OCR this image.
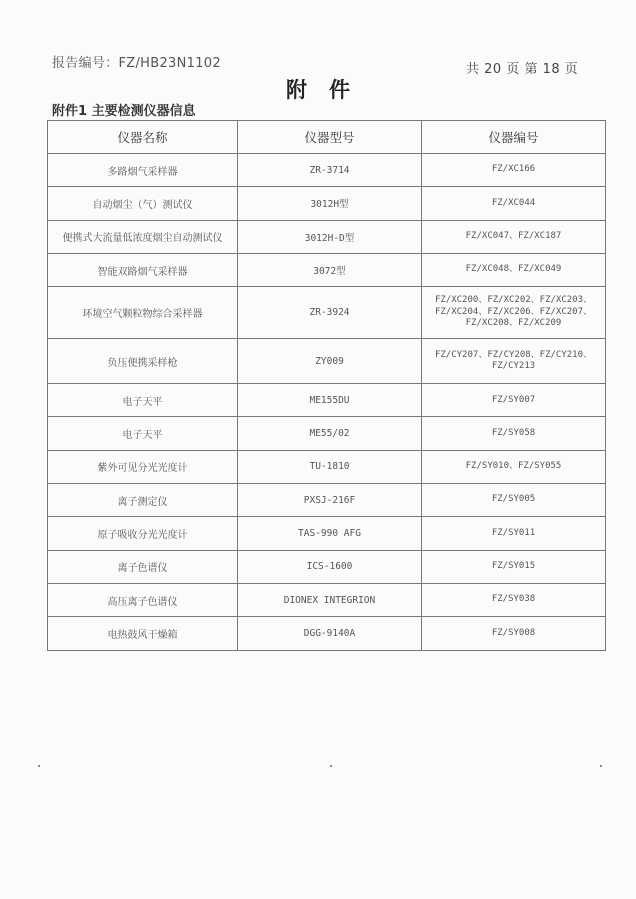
报告编号：FZ/HB23N1102	共 20 页 第 18 页
附件
附件1 主要检测仪器信息
仪器名称	仪器型号	仪器编号
多路烟气采样器	ZR-3714	FZ/XC166
自动烟尘（气）测试仪	3012H型	FZ/XC044
便携式大流量低浓度烟尘自动测试仪	3012H-D型	FZ/XC047、FZ/XC187
智能双路烟气采样器	3072型	FZ/XC048、FZ/XC049
环境空气颗粒物综合采样器	ZR-3924	FZ/XC200、FZ/XC202、FZ/XC203、FZ/XC204、FZ/XC206、FZ/XC207、FZ/XC208、FZ/XC209
负压便携采样枪	ZY009	FZ/CY207、FZ/CY208、FZ/CY210、FZ/CY213
电子天平	ME155DU	FZ/SY007
电子天平	ME55/02	FZ/SY058
紫外可见分光光度计	TU-1810	FZ/SY010、FZ/SY055
离子测定仪	PXSJ-216F	FZ/SY005
原子吸收分光光度计	TAS-990 AFG	FZ/SY011
离子色谱仪	ICS-1600	FZ/SY015
高压离子色谱仪	DIONEX INTEGRION	FZ/SY038
电热鼓风干燥箱	DGG-9140A	FZ/SY008
